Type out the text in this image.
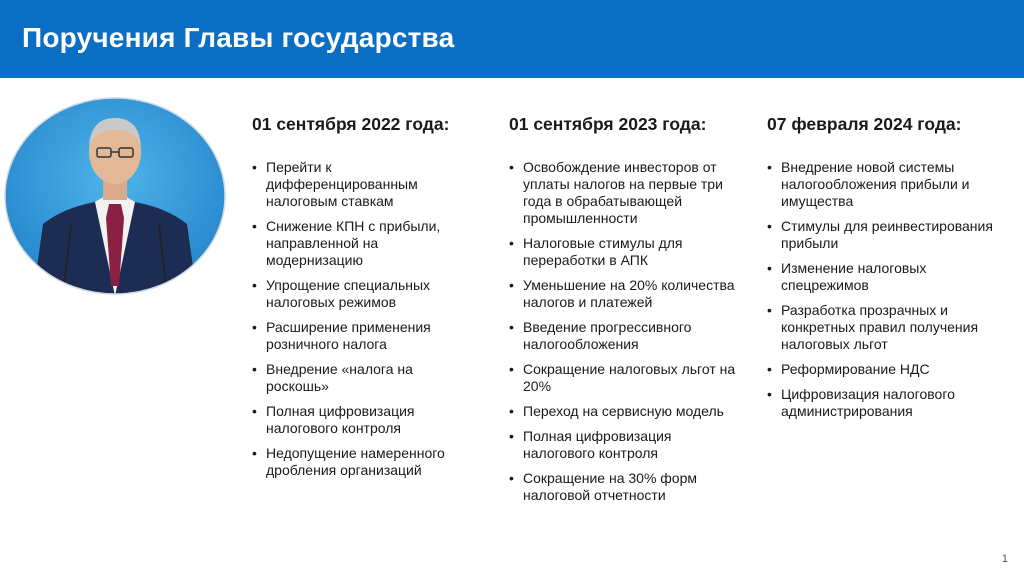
Поручения Главы государства
01 сентября 2022 года:
• Перейти к дифференцированным налоговым ставкам
• Снижение КПН с прибыли, направленной на модернизацию
• Упрощение специальных налоговых режимов
• Расширение применения розничного налога
• Внедрение «налога на роскошь»
• Полная цифровизация налогового контроля
• Недопущение намеренного дробления организаций
01 сентября 2023 года:
• Освобождение инвесторов от уплаты налогов на первые три года в обрабатывающей промышленности
• Налоговые стимулы для переработки в АПК
• Уменьшение на 20% количества налогов и платежей
• Введение прогрессивного налогообложения
• Сокращение налоговых льгот на 20%
• Переход на сервисную модель
• Полная цифровизация налогового контроля
• Сокращение на 30% форм налоговой отчетности
07 февраля 2024 года:
• Внедрение новой системы налогообложения прибыли и имущества
• Стимулы для реинвестирования прибыли
• Изменение налоговых спецрежимов
• Разработка прозрачных и конкретных правил получения налоговых льгот
• Реформирование НДС
• Цифровизация налогового администрирования
1
